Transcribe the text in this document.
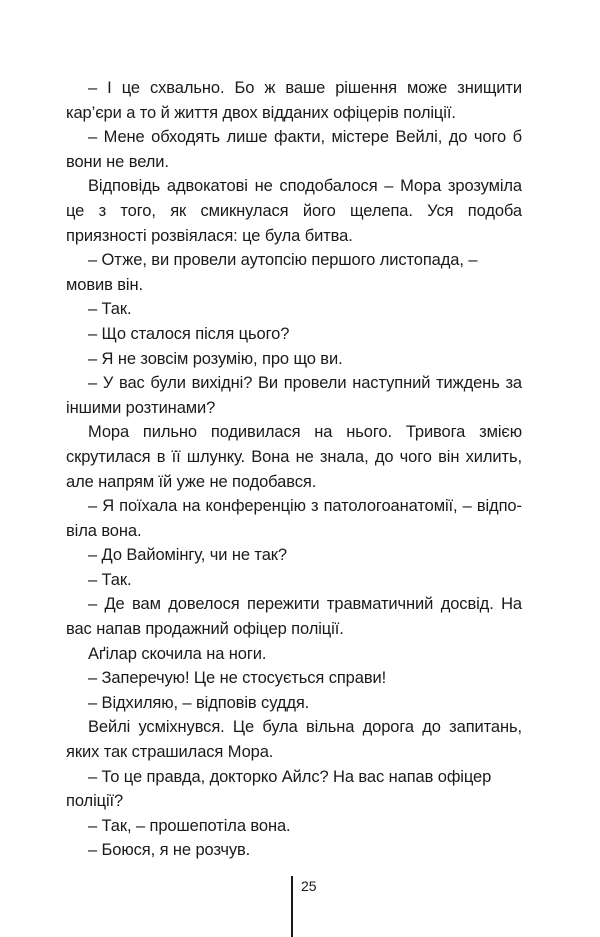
– І це схвально. Бо ж ваше рішення може знищити кар’єри а то й життя двох відданих офіцерів поліції.

– Мене обходять лише факти, містере Вейлі, до чого б вони не вели.

Відповідь адвокатові не сподобалося – Мора зрозуміла це з того, як смикнулася його щелепа. Уся подоба приязності розвіялася: це була битва.

– Отже, ви провели аутопсію першого листопада, – мовив він.

– Так.

– Що сталося після цього?

– Я не зовсім розумію, про що ви.

– У вас були вихідні? Ви провели наступний тиждень за іншими розтинами?

Мора пильно подивилася на нього. Тривога змією скрутилася в її шлунку. Вона не знала, до чого він хилить, але напрям їй уже не подобався.

– Я поїхала на конференцію з патологоанатомії, – відповіла вона.

– До Вайомінгу, чи не так?

– Так.

– Де вам довелося пережити травматичний досвід. На вас напав продажний офіцер поліції.

Аґілар скочила на ноги.

– Заперечую! Це не стосується справи!

– Відхиляю, – відповів суддя.

Вейлі усміхнувся. Це була вільна дорога до запитань, яких так страшилася Мора.

– То це правда, докторко Айлс? На вас напав офіцер поліції?

– Так, – прошепотіла вона.

– Боюся, я не розчув.

25
